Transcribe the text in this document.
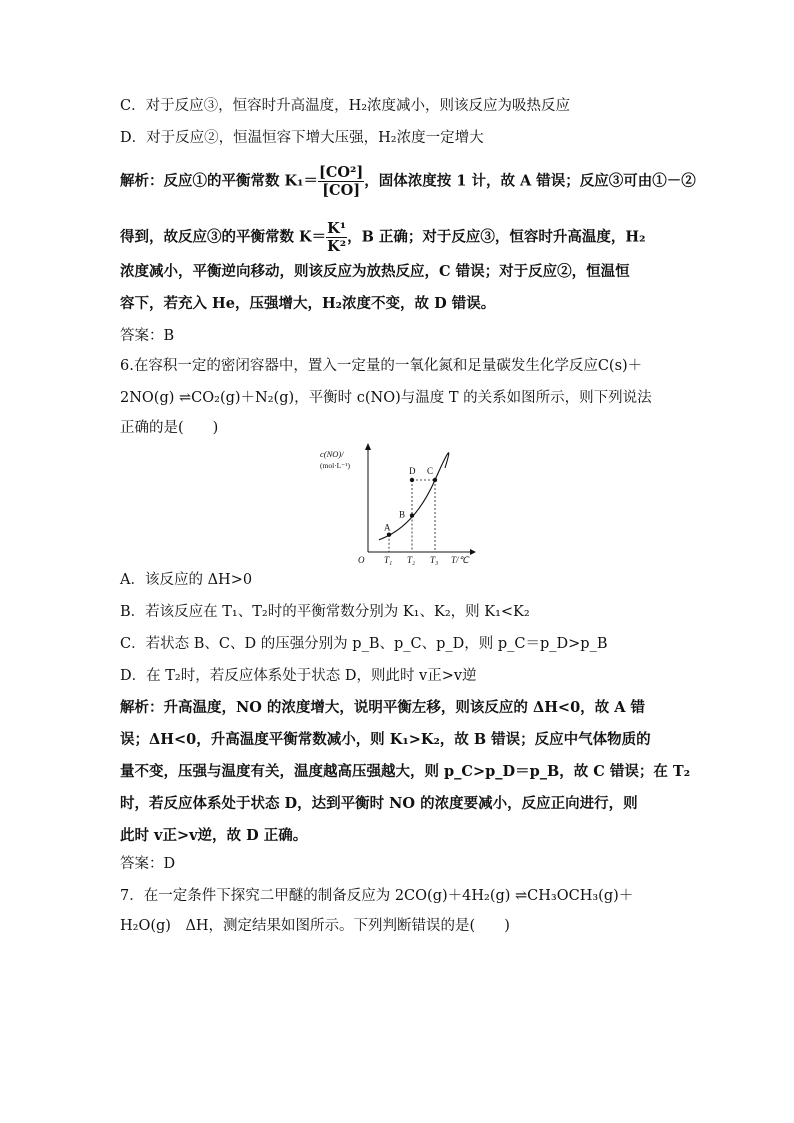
C．对于反应③，恒容时升高温度，H₂浓度减小，则该反应为吸热反应
D．对于反应②，恒温恒容下增大压强，H₂浓度一定增大
解析：反应①的平衡常数 $K_1= \frac{\text{[CO²]}}{[CO]}$ ，固体浓度按 1 计，故 A 错误；反应③可由①－②
得到，故反应③的平衡常数 $K= \frac{\text{K¹}}{\text{K²}}$ ，B 正确；对于反应③，恒容时升高温度，H₂
浓度减小，平衡逆向移动，则该反应为放热反应，C 错误；对于反应②，恒温恒
容下，若充入 He，压强增大，H₂浓度不变，故 D 错误。
答案：B
6.在容积一定的密闭容器中，置入一定量的一氧化氮和足量碳发生化学反应C(s)＋
2NO(g) ⇌CO₂(g)＋N₂(g)，平衡时 c(NO)与温度 T 的关系如图所示，则下列说法
正确的是(　　)
c(NO)/
(mol·L⁻¹)
O	T/℃
A
B
C
D
T₁ T₂ T₃
A．该反应的 ΔH>0
B．若该反应在 T₁、T₂时的平衡常数分别为 K₁、K₂，则 K₁<K₂
C．若状态 B、C、D 的压强分别为 p_B、p_C、p_D，则 p_C＝p_D>p_B
D．在 T₂时，若反应体系处于状态 D，则此时 v正>v逆
解析：升高温度，NO 的浓度增大，说明平衡左移，则该反应的 ΔH<0，故 A 错
误；ΔH<0，升高温度平衡常数减小，则 K₁>K₂，故 B 错误；反应中气体物质的
量不变，压强与温度有关，温度越高压强越大，则 p_C>p_D＝p_B，故 C 错误；在 T₂
时，若反应体系处于状态 D，达到平衡时 NO 的浓度要减小，反应正向进行，则
此时 v正>v逆，故 D 正确。
答案：D
7．在一定条件下探究二甲醚的制备反应为 2CO(g)＋4H₂(g) ⇌CH₃OCH₃(g)＋
H₂O(g)　ΔH，测定结果如图所示。下列判断错误的是(　　)
